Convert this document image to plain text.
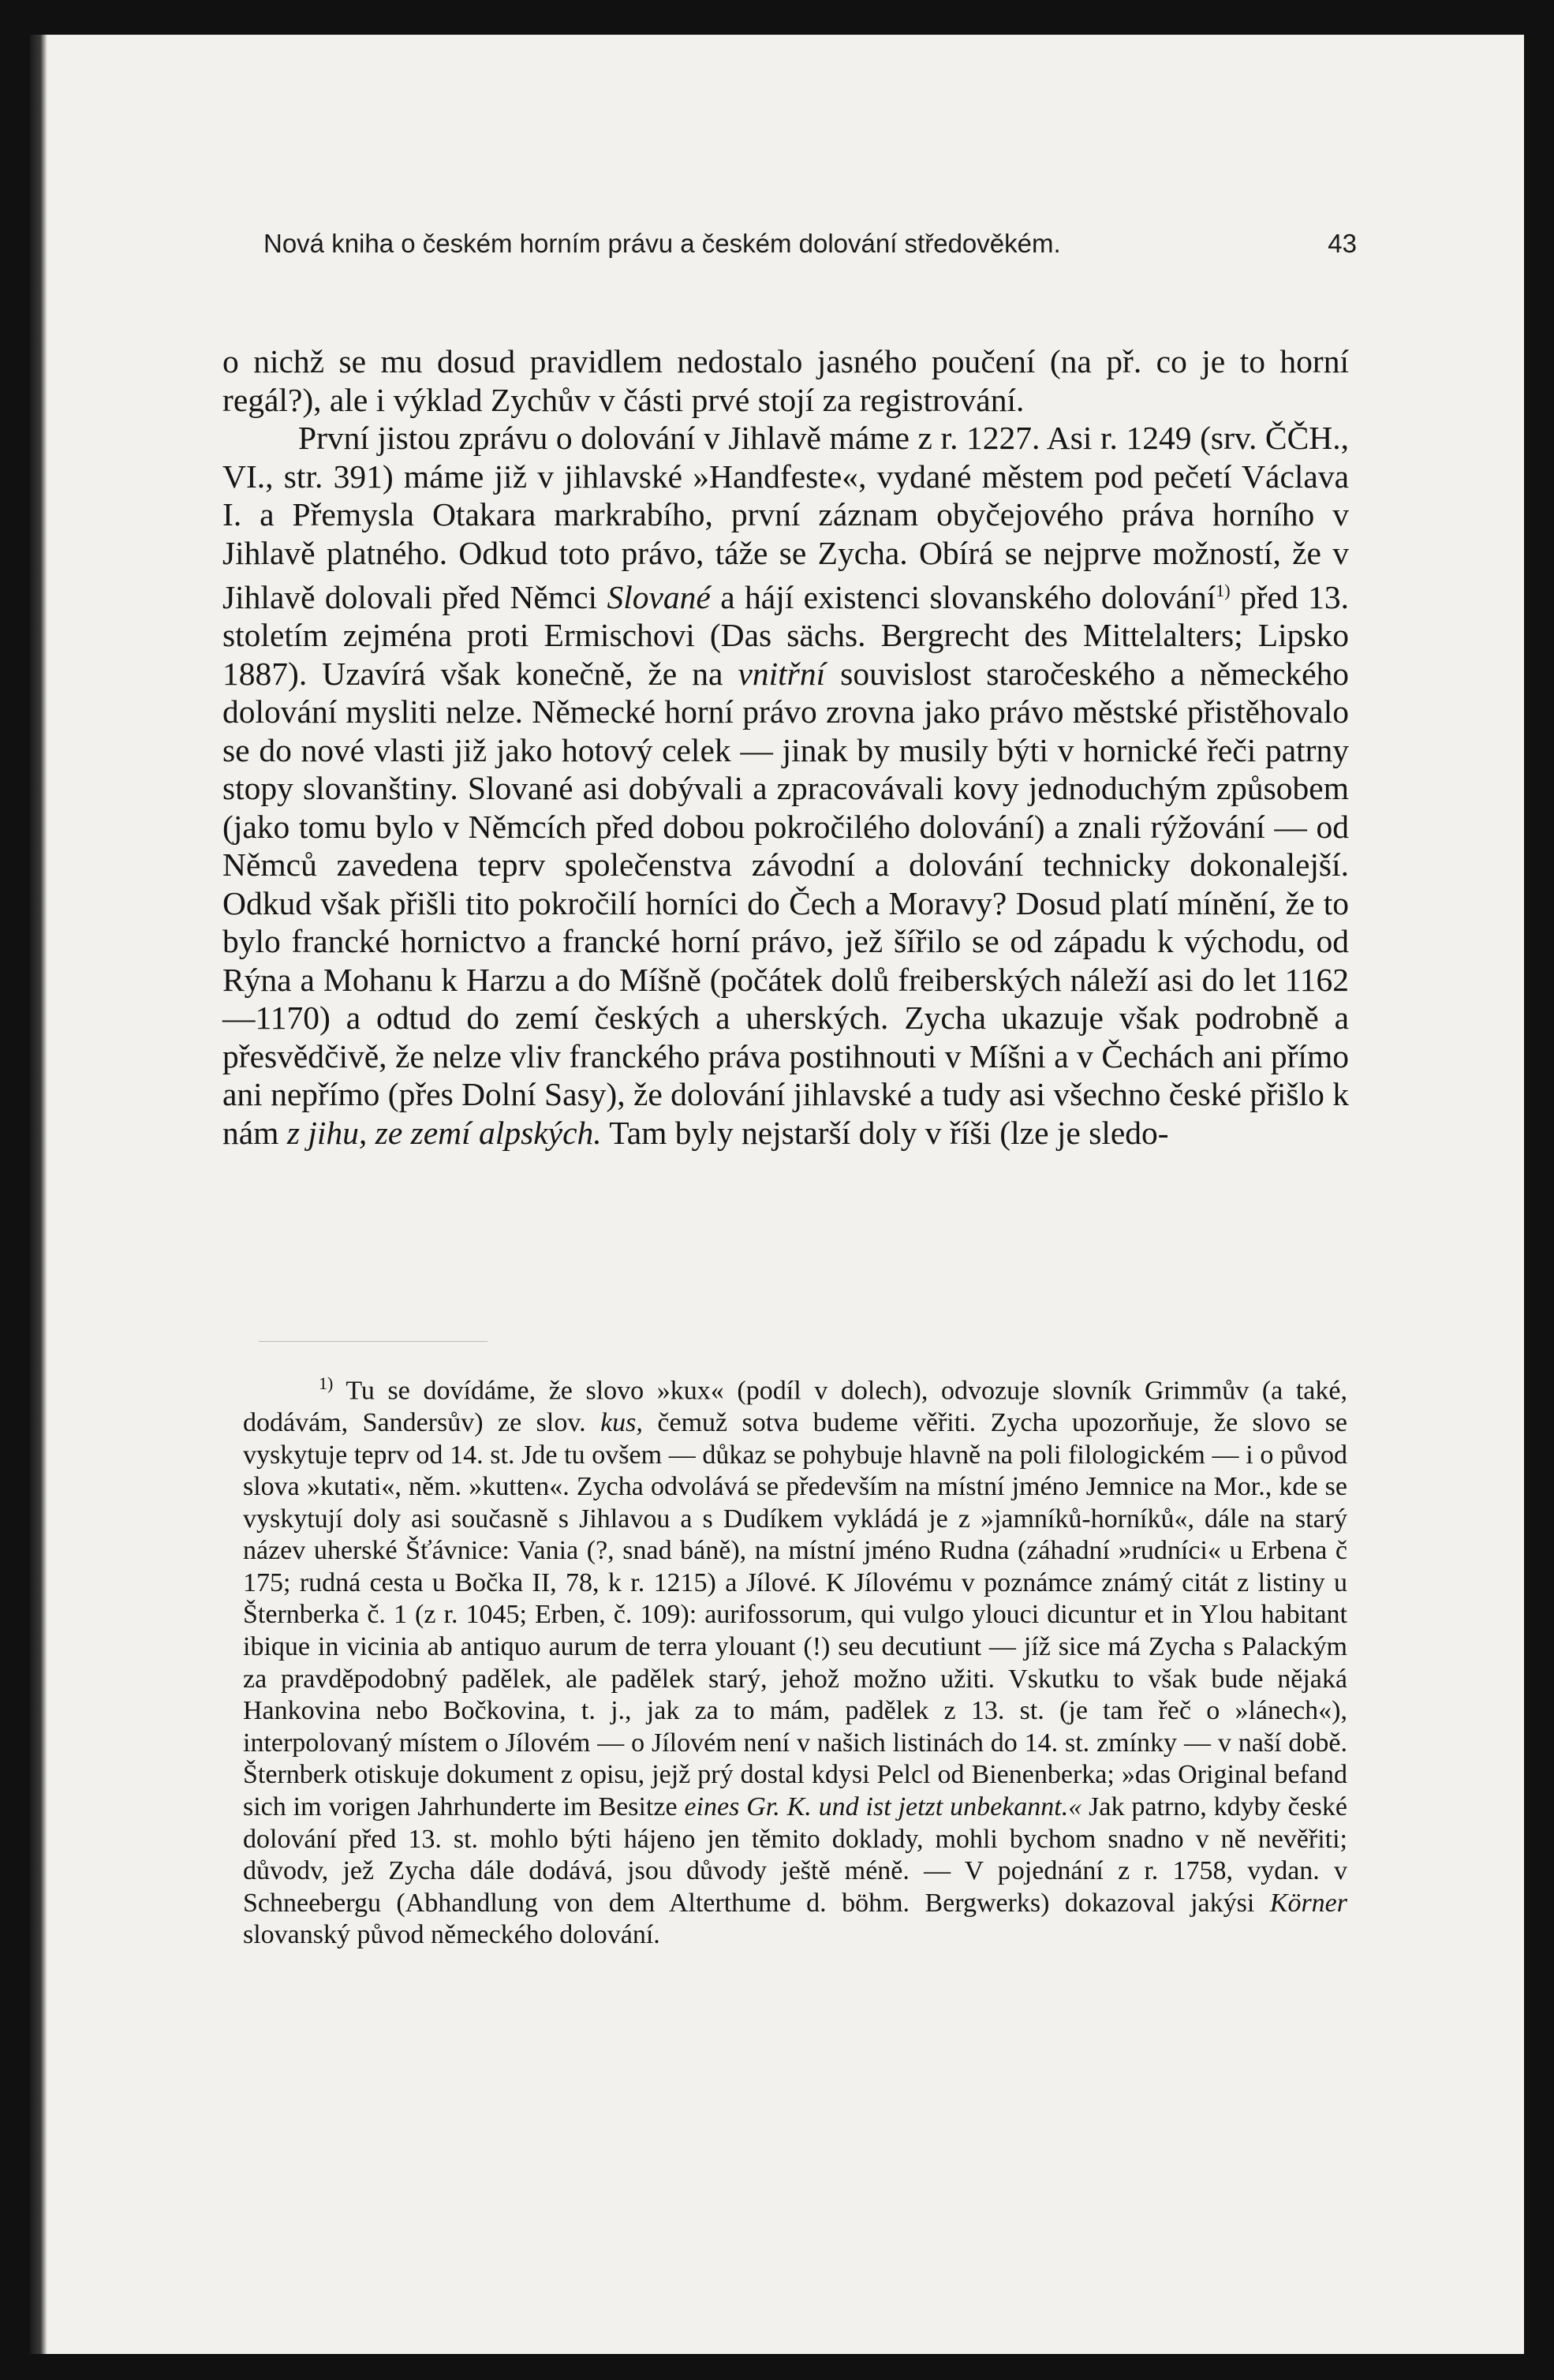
Nová kniha o českém horním právu a českém dolování středověkém.	43

o nichž se mu dosud pravidlem nedostalo jasného poučení (na př. co je to horní regál?), ale i výklad Zychův v části prvé stojí za registrování.

První jistou zprávu o dolování v Jihlavě máme z r. 1227. Asi r. 1249 (srv. ČČH., VI., str. 391) máme již v jihlavské »Handfeste«, vydané městem pod pečetí Václava I. a Přemysla Otakara markrabího, první záznam obyčejového práva horního v Jihlavě platného. Odkud toto právo, táže se Zycha. Obírá se nejprve možností, že v Jihlavě dolovali před Němci Slované a hájí existenci slovanského dolování$^{1)}$ před 13. stoletím zejména proti Ermischovi (Das sächs. Bergrecht des Mittelalters; Lipsko 1887). Uzavírá však konečně, že na vnitřní souvislost staročeského a německého dolování mysliti nelze. Německé horní právo zrovna jako právo městské přistěhovalo se do nové vlasti již jako hotový celek — jinak by musily býti v hornické řeči patrny stopy slovanštiny. Slované asi dobývali a zpracovávali kovy jednoduchým způsobem (jako tomu bylo v Němcích před dobou pokročilého dolování) a znali rýžování — od Němců zavedena teprv společenstva závodní a dolování technicky dokonalejší. Odkud však přišli tito pokročilí horníci do Čech a Moravy? Dosud platí mínění, že to bylo francké hornictvo a francké horní právo, jež šířilo se od západu k východu, od Rýna a Mohanu k Harzu a do Míšně (počátek dolů freiberských náleží asi do let 1162—1170) a odtud do zemí českých a uherských. Zycha ukazuje však podrobně a přesvědčivě, že nelze vliv franckého práva postihnouti v Míšni a v Čechách ani přímo ani nepřímo (přes Dolní Sasy), že dolování jihlavské a tudy asi všechno české přišlo k nám z jihu, ze zemí alpských. Tam byly nejstarší doly v říši (lze je sledo-

$^{1)}$ Tu se dovídáme, že slovo »kux« (podíl v dolech), odvozuje slovník Grimmův (a také, dodávám, Sandersův) ze slov. kus, čemuž sotva budeme věřiti. Zycha upozorňuje, že slovo se vyskytuje teprv od 14. st. Jde tu ovšem — důkaz se pohybuje hlavně na poli filologickém — i o původ slova »kutati«, něm. »kutten«. Zycha odvolává se především na místní jméno Jemnice na Mor., kde se vyskytují doly asi současně s Jihlavou a s Dudíkem vykládá je z »jamníků-horníků«, dále na starý název uherské Šťávnice: Vania (?, snad báně), na místní jméno Rudna (záhadní »rudníci« u Erbena č 175; rudná cesta u Bočka II, 78, k r. 1215) a Jílové. K Jílovému v poznámce známý citát z listiny u Šternberka č. 1 (z r. 1045; Erben, č. 109): aurifossorum, qui vulgo ylouci dicuntur et in Ylou habitant ibique in vicinia ab antiquo aurum de terra ylouant (!) seu decutiunt — jíž sice má Zycha s Palackým za pravděpodobný padělek, ale padělek starý, jehož možno užiti. Vskutku to však bude nějaká Hankovina nebo Bočkovina, t. j., jak za to mám, padělek z 13. st. (je tam řeč o »lánech«), interpolovaný místem o Jílovém — o Jílovém není v našich listinách do 14. st. zmínky — v naší době. Šternberk otiskuje dokument z opisu, jejž prý dostal kdysi Pelcl od Bienenberka; »das Original befand sich im vorigen Jahrhunderte im Besitze eines Gr. K. und ist jetzt unbekannt.« Jak patrno, kdyby české dolování před 13. st. mohlo býti hájeno jen těmito doklady, mohli bychom snadno v ně nevěřiti; důvodv, jež Zycha dále dodává, jsou důvody ještě méně. — V pojednání z r. 1758, vydan. v Schneebergu (Abhandlung von dem Alterthume d. böhm. Bergwerks) dokazoval jakýsi Körner slovanský původ německého dolování.
